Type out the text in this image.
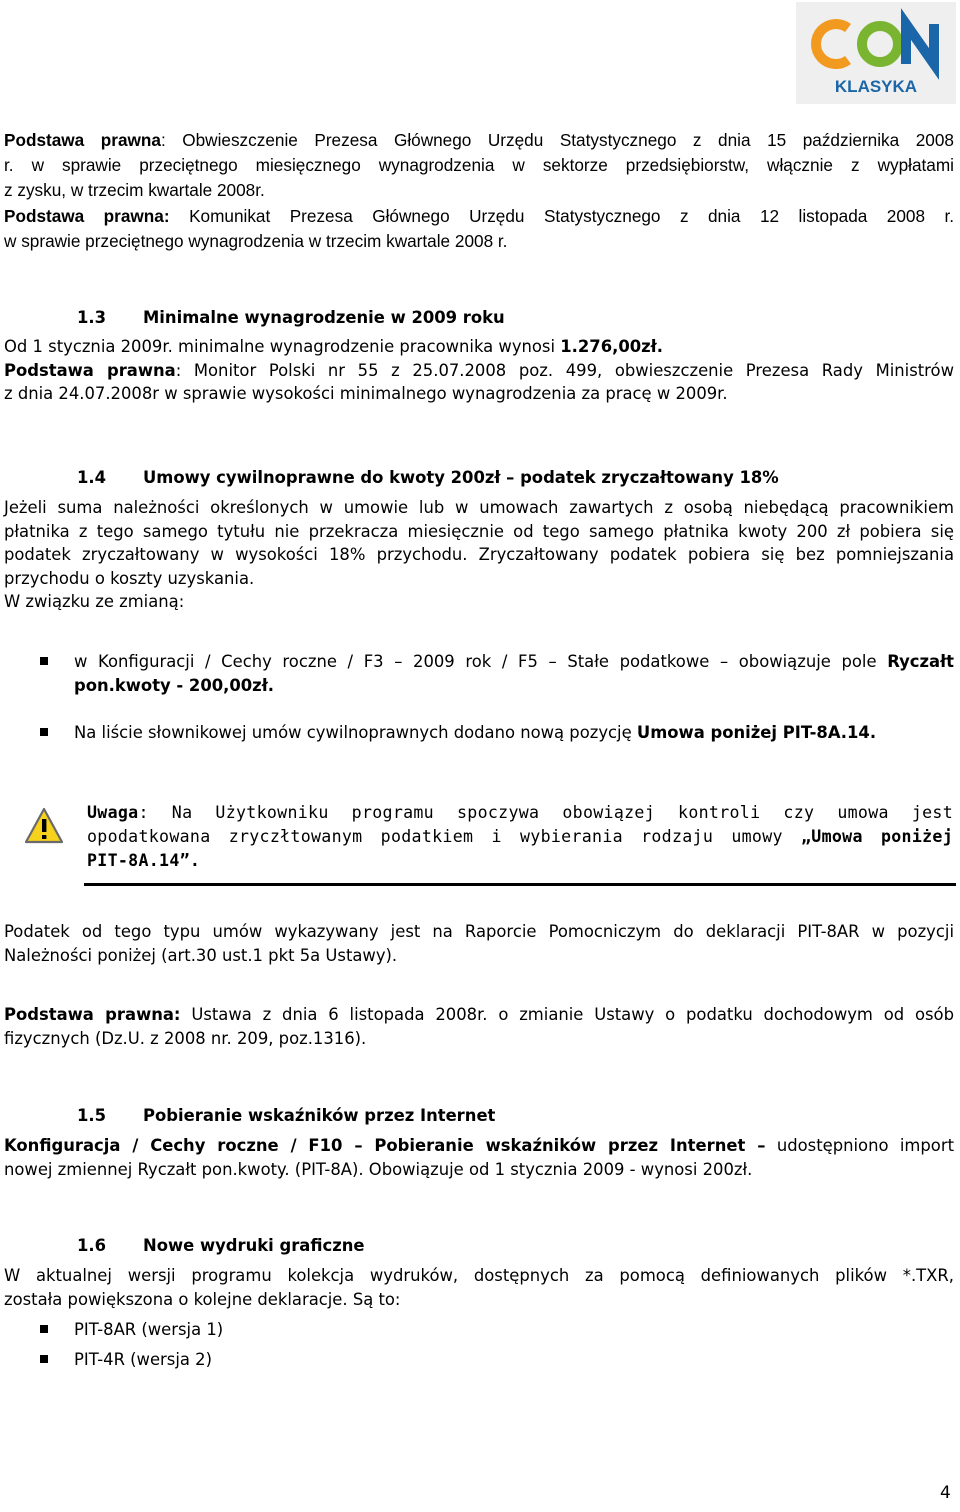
KLASYKA
Podstawa prawna: Obwieszczenie Prezesa Głównego Urzędu Statystycznego z dnia 15 października 2008
r. w sprawie przeciętnego miesięcznego wynagrodzenia w sektorze przedsiębiorstw, włącznie z wypłatami
z zysku, w trzecim kwartale 2008r.
Podstawa prawna: Komunikat Prezesa Głównego Urzędu Statystycznego z dnia 12 listopada 2008 r.
w sprawie przeciętnego wynagrodzenia w trzecim kwartale 2008 r.
1.3 Minimalne wynagrodzenie w 2009 roku
Od 1 stycznia 2009r. minimalne wynagrodzenie pracownika wynosi 1.276,00zł.
Podstawa prawna: Monitor Polski nr 55 z 25.07.2008 poz. 499, obwieszczenie Prezesa Rady Ministrów
z dnia 24.07.2008r w sprawie wysokości minimalnego wynagrodzenia za pracę w 2009r.
1.4 Umowy cywilnoprawne do kwoty 200zł – podatek zryczałtowany 18%
Jeżeli suma należności określonych w umowie lub w umowach zawartych z osobą niebędącą pracownikiem
płatnika z tego samego tytułu nie przekracza miesięcznie od tego samego płatnika kwoty 200 zł pobiera się
podatek zryczałtowany w wysokości 18% przychodu. Zryczałtowany podatek pobiera się bez pomniejszania
przychodu o koszty uzyskania.
W związku ze zmianą:
w Konfiguracji / Cechy roczne / F3 – 2009 rok / F5 – Stałe podatkowe – obowiązuje pole Ryczałt
pon.kwoty - 200,00zł.
Na liście słownikowej umów cywilnoprawnych dodano nową pozycję Umowa poniżej PIT-8A.14.
Uwaga: Na Użytkowniku programu spoczywa obowiązej kontroli czy umowa jest
opodatkowana zryczłtowanym podatkiem i wybierania rodzaju umowy „Umowa poniżej
PIT-8A.14”.
Podatek od tego typu umów wykazywany jest na Raporcie Pomocniczym do deklaracji PIT-8AR w pozycji
Należności poniżej (art.30 ust.1 pkt 5a Ustawy).
Podstawa prawna: Ustawa z dnia 6 listopada 2008r. o zmianie Ustawy o podatku dochodowym od osób
fizycznych (Dz.U. z 2008 nr. 209, poz.1316).
1.5 Pobieranie wskaźników przez Internet
Konfiguracja / Cechy roczne / F10 – Pobieranie wskaźników przez Internet – udostępniono import
nowej zmiennej Ryczałt pon.kwoty. (PIT-8A). Obowiązuje od 1 stycznia 2009 - wynosi 200zł.
1.6 Nowe wydruki graficzne
W aktualnej wersji programu kolekcja wydruków, dostępnych za pomocą definiowanych plików *.TXR,
została powiększona o kolejne deklaracje. Są to:
PIT-8AR (wersja 1)
PIT-4R (wersja 2)
4
